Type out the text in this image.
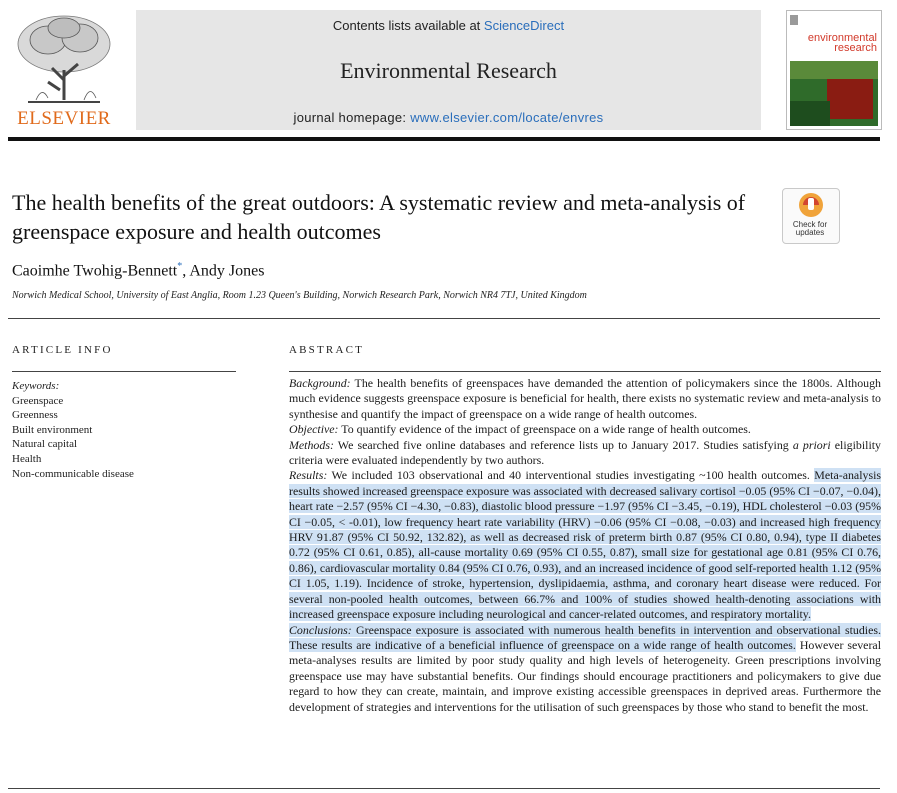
ELSEVIER
Contents lists available at ScienceDirect
Environmental Research
journal homepage: www.elsevier.com/locate/envres
environmental
research
The health benefits of the great outdoors: A systematic review and meta-analysis of greenspace exposure and health outcomes	Check for
updates
Caoimhe Twohig-Bennett*, Andy Jones
Norwich Medical School, University of East Anglia, Room 1.23 Queen's Building, Norwich Research Park, Norwich NR4 7TJ, United Kingdom
ARTICLE INFO	ABSTRACT
Keywords:
Greenspace
Greenness
Built environment
Natural capital
Health
Non-communicable disease

Background: The health benefits of greenspaces have demanded the attention of policymakers since the 1800s. Although much evidence suggests greenspace exposure is beneficial for health, there exists no systematic review and meta-analysis to synthesise and quantify the impact of greenspace on a wide range of health outcomes.

Objective: To quantify evidence of the impact of greenspace on a wide range of health outcomes.

Methods: We searched five online databases and reference lists up to January 2017. Studies satisfying a priori eligibility criteria were evaluated independently by two authors.

Results: We included 103 observational and 40 interventional studies investigating ~100 health outcomes. Meta-analysis results showed increased greenspace exposure was associated with decreased salivary cortisol −0.05 (95% CI −0.07, −0.04), heart rate −2.57 (95% CI −4.30, −0.83), diastolic blood pressure −1.97 (95% CI −3.45, −0.19), HDL cholesterol −0.03 (95% CI −0.05, < -0.01), low frequency heart rate variability (HRV) −0.06 (95% CI −0.08, −0.03) and increased high frequency HRV 91.87 (95% CI 50.92, 132.82), as well as decreased risk of preterm birth 0.87 (95% CI 0.80, 0.94), type II diabetes 0.72 (95% CI 0.61, 0.85), all-cause mortality 0.69 (95% CI 0.55, 0.87), small size for gestational age 0.81 (95% CI 0.76, 0.86), cardiovascular mortality 0.84 (95% CI 0.76, 0.93), and an increased incidence of good self-reported health 1.12 (95% CI 1.05, 1.19). Incidence of stroke, hypertension, dyslipidaemia, asthma, and coronary heart disease were reduced. For several non-pooled health outcomes, between 66.7% and 100% of studies showed health-denoting associations with increased greenspace exposure including neurological and cancer-related outcomes, and respiratory mortality.

Conclusions: Greenspace exposure is associated with numerous health benefits in intervention and observational studies. These results are indicative of a beneficial influence of greenspace on a wide range of health outcomes. However several meta-analyses results are limited by poor study quality and high levels of heterogeneity. Green prescriptions involving greenspace use may have substantial benefits. Our findings should encourage practitioners and policymakers to give due regard to how they can create, maintain, and improve existing accessible greenspaces in deprived areas. Furthermore the development of strategies and interventions for the utilisation of such greenspaces by those who stand to benefit the most.
